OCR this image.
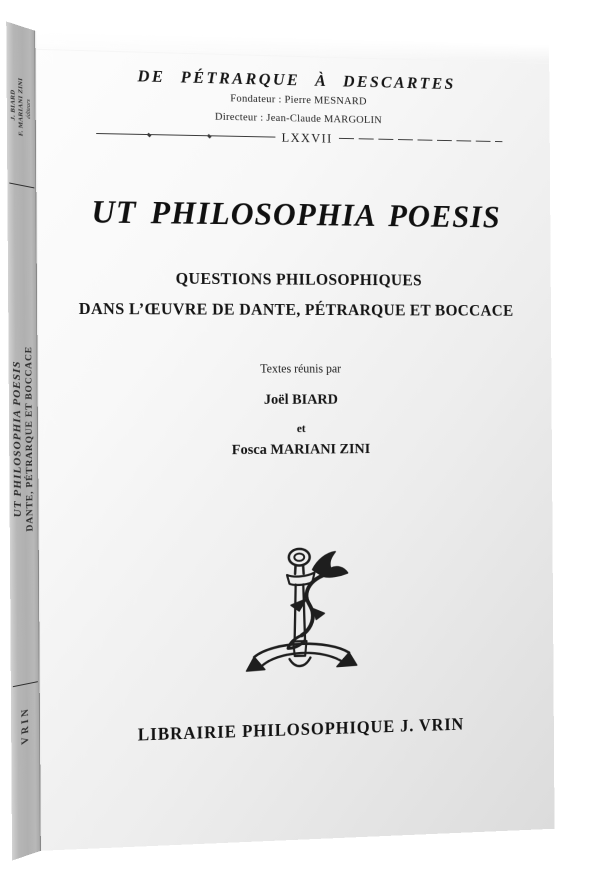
J. BIARD F. MARIANI ZINI éditeurs
UT PHILOSOPHIA POESIS DANTE, PÉTRARQUE ET BOCCACE
VRIN
DE PÉTRARQUE À DESCARTES
Fondateur : Pierre MESNARD
Directeur : Jean-Claude MARGOLIN
LXXVII
UT PHILOSOPHIA POESIS
QUESTIONS PHILOSOPHIQUES
DANS L’ŒUVRE DE DANTE, PÉTRARQUE ET BOCCACE
Textes réunis par
Joël BIARD
et
Fosca MARIANI ZINI
LIBRAIRIE PHILOSOPHIQUE J. VRIN
